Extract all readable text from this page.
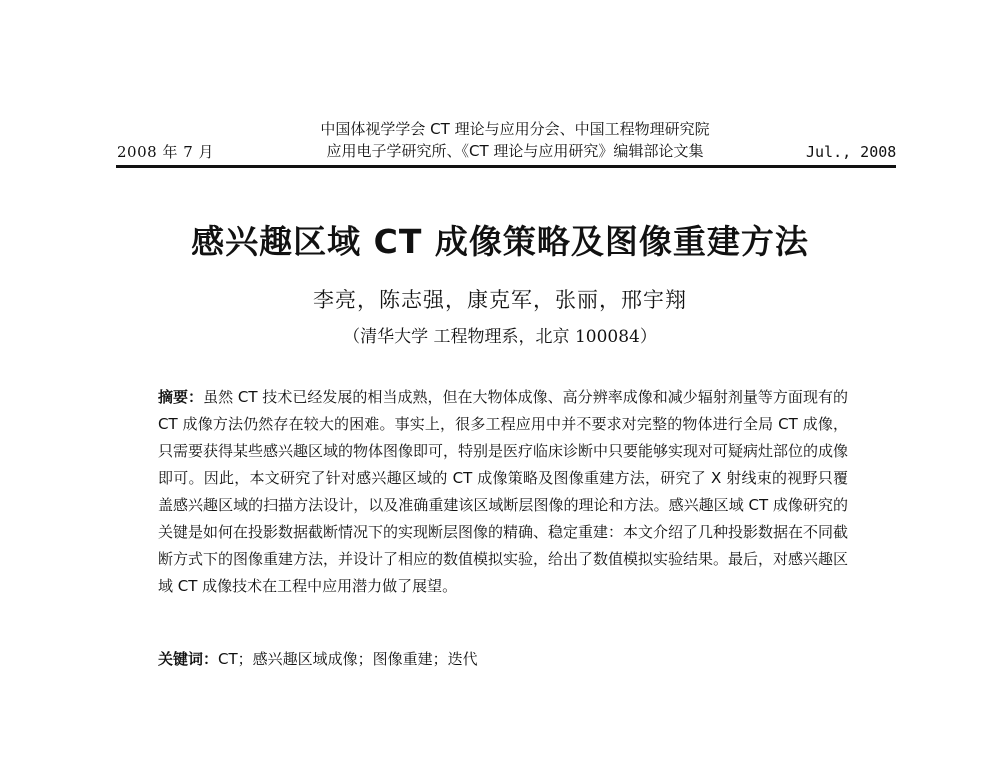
2008 年 7 月
中国体视学学会 CT 理论与应用分会、中国工程物理研究院
应用电子学研究所、《CT 理论与应用研究》编辑部论文集	Jul., 2008
感兴趣区域 CT 成像策略及图像重建方法
李亮，陈志强，康克军，张丽，邢宇翔
（清华大学 工程物理系，北京 100084）
摘要：虽然 CT 技术已经发展的相当成熟，但在大物体成像、高分辨率成像和减少辐射剂量等方面现有的 CT 成像方法仍然存在较大的困难。事实上，很多工程应用中并不要求对完整的物体进行全局 CT 成像，只需要获得某些感兴趣区域的物体图像即可，特别是医疗临床诊断中只要能够实现对可疑病灶部位的成像即可。因此，本文研究了针对感兴趣区域的 CT 成像策略及图像重建方法，研究了 X 射线束的视野只覆盖感兴趣区域的扫描方法设计，以及准确重建该区域断层图像的理论和方法。感兴趣区域 CT 成像研究的关键是如何在投影数据截断情况下的实现断层图像的精确、稳定重建：本文介绍了几种投影数据在不同截断方式下的图像重建方法，并设计了相应的数值模拟实验，给出了数值模拟实验结果。最后，对感兴趣区域 CT 成像技术在工程中应用潜力做了展望。
关键词：CT；感兴趣区域成像；图像重建；迭代
